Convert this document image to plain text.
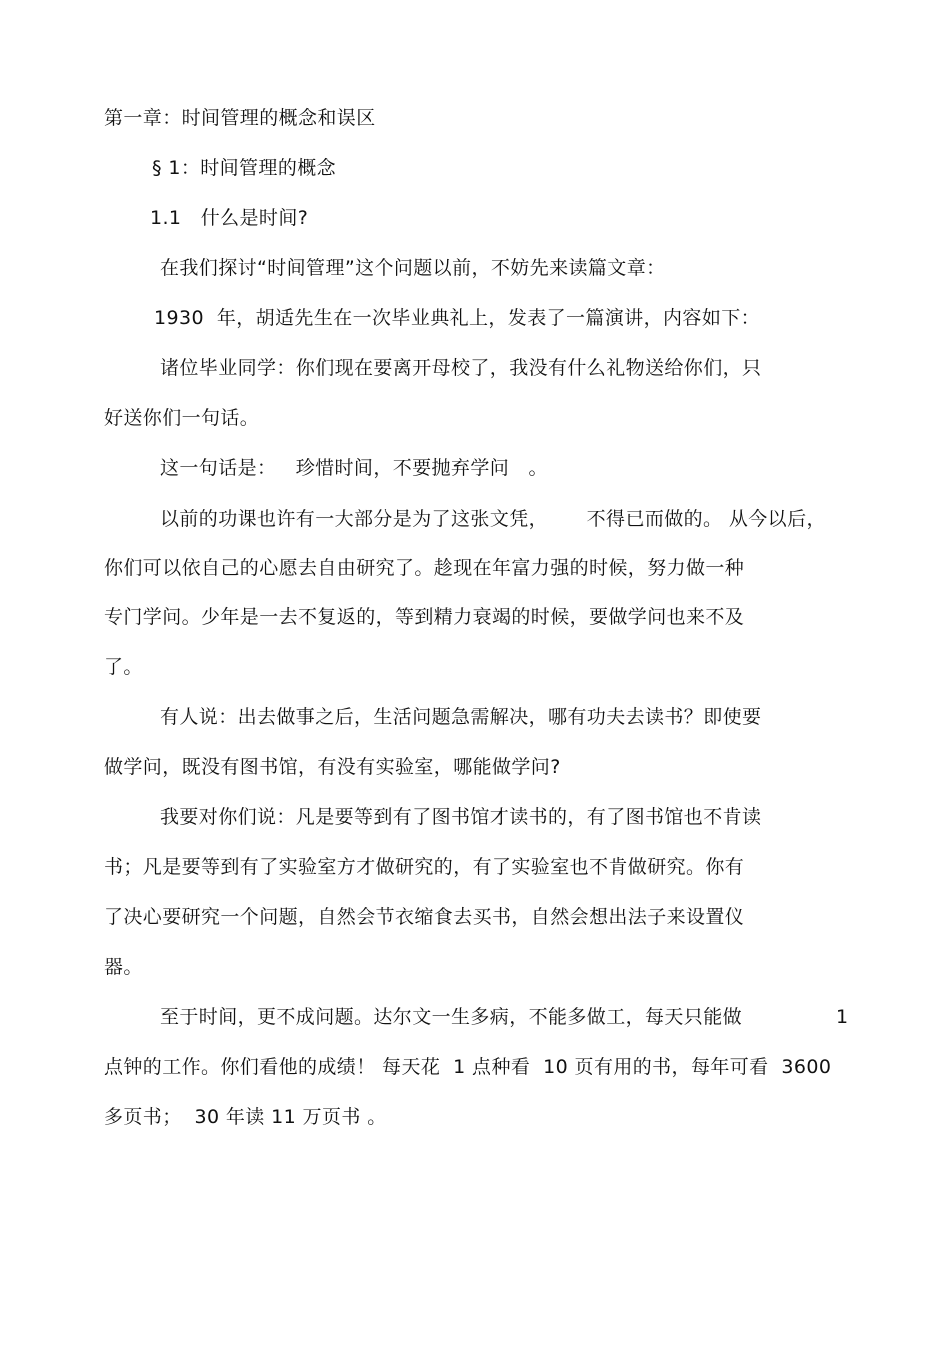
第一章：时间管理的概念和误区
§ 1：时间管理的概念
1.1   什么是时间?
在我们探讨“时间管理”这个问题以前，不妨先来读篇文章：
1930  年，胡适先生在一次毕业典礼上，发表了一篇演讲，内容如下：
诸位毕业同学：你们现在要离开母校了，我没有什么礼物送给你们，只
好送你们一句话。
这一句话是：   珍惜时间，不要抛弃学问   。
以前的功课也许有一大部分是为了这张文凭，      不得已而做的。 从今以后，
你们可以依自己的心愿去自由研究了。趁现在年富力强的时候，努力做一种
专门学问。少年是一去不复返的，等到精力衰竭的时候，要做学问也来不及
了。
有人说：出去做事之后，生活问题急需解决，哪有功夫去读书？即使要
做学问，既没有图书馆，有没有实验室，哪能做学问?
我要对你们说：凡是要等到有了图书馆才读书的，有了图书馆也不肯读
书；凡是要等到有了实验室方才做研究的，有了实验室也不肯做研究。你有
了决心要研究一个问题，自然会节衣缩食去买书，自然会想出法子来设置仪
器。
至于时间，更不成问题。达尔文一生多病，不能多做工，每天只能做	1
点钟的工作。你们看他的成绩！ 每天花  1 点种看  10 页有用的书，每年可看  3600
多页书；  30 年读 11 万页书 。
